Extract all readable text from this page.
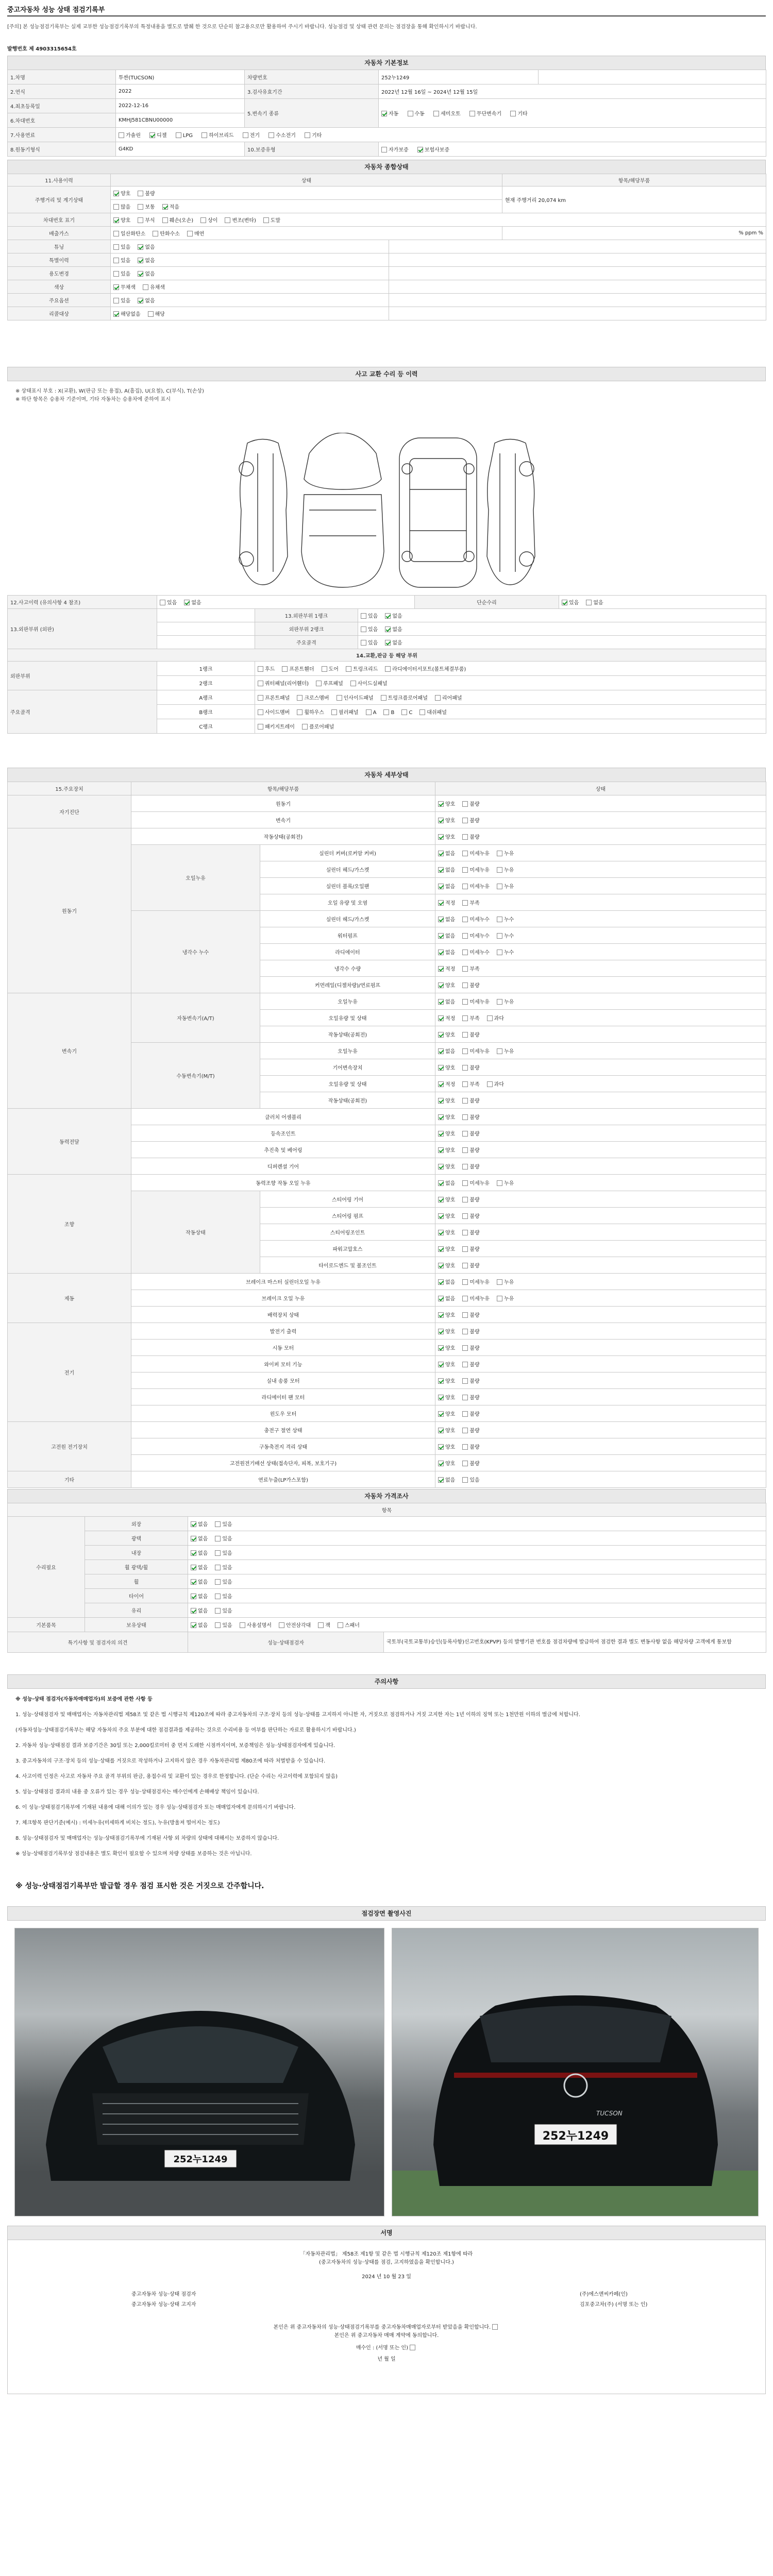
중고자동차 성능 상태 점검기록부
[주의] 본 성능점검기록부는 실제 교부한 성능점검기록부의 특정내용을 별도로 발췌 한 것으로 단순히 참고용으로만 활용하여 주시기 바랍니다. 성능점검 및 상태 관련 문의는 점검장을 통해 확인하시기 바랍니다.
발행번호 제 4903315654호
자동차 기본정보
1.차명	투싼(TUCSON)	차량번호	252누1249	
2.연식	2022	3.검사유효기간	2022년 12월 16일 ~ 2024년 12월 15일	
4.최초등록일	2022-12-16	5.변속기 종류	자동 수동 세미오토 무단변속기 기타	
6.차대번호	KMHJ581CBNU00000			
7.사용연료	가솔린 디젤 LPG 하이브리드 전기 수소전기 기타			
8.원동기형식	G4KD	10.보증유형	자가보증 보험사보증	
자동차 종합상태
11.사용이력	상태		항목/해당부품
주행거리 및 계기상태	양호 불량		현재 주행거리 20,074 km
	많음 보통 적음		
차대번호 표기	양호 부식 훼손(오손) 상이 변조(변타) 도말		
배출가스	일산화탄소 탄화수소 매연		% ppm %
튜닝	있음 없음		
특별이력	있음 없음		
용도변경	있음 없음		
색상	무채색 유채색		
주요옵션	있음 없음		
리콜대상	해당없음 해당		
사고 교환 수리 등 이력
※ 상태표시 부호 : X(교환), W(판금 또는 용접), A(흠집), U(요철), C(부식), T(손상)
※ 하단 항목은 승용차 기준이며, 기타 자동차는 승용차에 준하여 표시
12.사고이력 (유의사항 4 참조)	있음 없음			단순수리	있음 없음
13.외판부위 (외판)		13.외판부위 1랭크	있음 없음		
		외판부위 2랭크	있음 없음		
		주요골격	있음 없음		
14.교환,판금 등 해당 부위					
외판부위	1랭크	후드 프론트휀더 도어 트렁크리드 라디에이터서포트(볼트체결부품)			
	2랭크	쿼터패널(리어휀더) 루프패널 사이드실패널			
주요골격	A랭크	프론트패널 크로스멤버 인사이드패널 트렁크플로어패널 리어패널			
	B랭크	사이드멤버 휠하우스 필러패널 A B C 대쉬패널			
	C랭크	패키지트레이 플로어패널			
자동차 세부상태
15.주요장치	항목/해당부품		상태
자기진단	원동기		양호 불량
	변속기		양호 불량
원동기	작동상태(공회전)		양호 불량
	오일누유	실린더 커버(로커암 커버)	없음 미세누유 누유
		실린더 헤드/가스켓	없음 미세누유 누유
		실린더 블록/오일팬	없음 미세누유 누유
		오일 유량 및 오염	적정 부족
	냉각수 누수	실린더 헤드/가스켓	없음 미세누수 누수
		워터펌프	없음 미세누수 누수
		라디에이터	없음 미세누수 누수
		냉각수 수량	적정 부족
		커먼레일(디젤차량)/연료펌프	양호 불량
변속기	자동변속기(A/T)	오일누유	없음 미세누유 누유
		오일유량 및 상태	적정 부족 과다
		작동상태(공회전)	양호 불량
	수동변속기(M/T)	오일누유	없음 미세누유 누유
		기어변속장치	양호 불량
		오일유량 및 상태	적정 부족 과다
		작동상태(공회전)	양호 불량
동력전달	클러치 어셈블리		양호 불량
	등속조인트		양호 불량
	추진축 및 베어링		양호 불량
	디퍼렌셜 기어		양호 불량
조향	동력조향 작동 오일 누유		없음 미세누유 누유
	작동상태	스티어링 기어	양호 불량
		스티어링 펌프	양호 불량
		스티어링조인트	양호 불량
		파워고압호스	양호 불량
		타이로드엔드 및 볼조인트	양호 불량
제동	브레이크 마스터 실린더오일 누유		없음 미세누유 누유
	브레이크 오일 누유		없음 미세누유 누유
	배력장치 상태		양호 불량
전기	발전기 출력		양호 불량
	시동 모터		양호 불량
	와이퍼 모터 기능		양호 불량
	실내 송풍 모터		양호 불량
	라디에이터 팬 모터		양호 불량
	윈도우 모터		양호 불량
고전원 전기장치	충전구 절연 상태		양호 불량
	구동축전지 격리 상태		양호 불량
	고전원전기배선 상태(접속단자, 피복, 보호기구)		양호 불량
기타	연료누출(LP가스포함)		없음 있음
자동차 가격조사
항목			
수리필요	외장	없음 있음	
	광택	없음 있음	
	내장	없음 있음	
	휠 광택/휠	없음 있음	
	휠	없음 있음	
	타이어	없음 있음	
	유리	없음 있음	
기본품목	보유상태	없음 있음 사용설명서 안전삼각대 잭 스패너	
특기사항 및 점검자의 의견		성능·상태점검자	국토부(국토교통부)승인(등록사항)신고번호(KPVP) 등의 발행기관 번호를 점검차량에 발급하여 점검한 결과 별도 변동사항 없음 해당차량 고객에게 통보함
주의사항
※ 성능·상태 점검자(자동차매매업자)의 보증에 관한 사항 등
1. 성능·상태점검자 및 매매업자는 자동차관리법 제58조 및 같은 법 시행규칙 제120조에 따라 중고자동차의 구조·장치 등의 성능·상태를 고지하지 아니한 자, 거짓으로 점검하거나 거짓 고지한 자는 1년 이하의 징역 또는 1천만원 이하의 벌금에 처합니다.
(자동차성능·상태점검기록부는 해당 자동차의 주요 부분에 대한 점검결과를 제공하는 것으로 수리비용 등 여부를 판단하는 자료로 활용하시기 바랍니다.)
2. 자동차 성능·상태점검 결과 보증기간은 30일 또는 2,000킬로미터 중 먼저 도래한 시점까지이며, 보증책임은 성능·상태점검자에게 있습니다.
3. 중고자동차의 구조·장치 등의 성능·상태를 거짓으로 작성하거나 고지하지 않은 경우 자동차관리법 제80조에 따라 처벌받을 수 있습니다.
4. 사고이력 인정은 사고로 자동차 주요 골격 부위의 판금, 용접수리 및 교환이 있는 경우로 한정합니다. (단순 수리는 사고이력에 포함되지 않음)
5. 성능·상태점검 결과의 내용 중 오류가 있는 경우 성능·상태점검자는 매수인에게 손해배상 책임이 있습니다.
6. 이 성능·상태점검기록부에 기재된 내용에 대해 이의가 있는 경우 성능·상태점검자 또는 매매업자에게 문의하시기 바랍니다.
7. 체크항목 판단기준(예시) : 미세누유(미세하게 비치는 정도), 누유(방울져 떨어지는 정도)
8. 성능·상태점검자 및 매매업자는 성능·상태점검기록부에 기재된 사항 외 차량의 상태에 대해서는 보증하지 않습니다.
※ 성능·상태점검기록부상 점검내용은 별도 확인이 필요할 수 있으며 차량 상태를 보증하는 것은 아닙니다.
※ 성능·상태점검기록부만 발급할 경우 점검 표시한 것은 거짓으로 간주합니다.
점검장면 촬영사진
252누1249
TUCSON
252누1249
서명
「자동차관리법」 제58조 제1항 및 같은 법 시행규칙 제120조 제1항에 따라
(중고자동차의 성능·상태를 점검, 고지하였음을 확인합니다.)
2024 년 10 월 23 일
중고자동차 성능·상태 점검자
중고자동차 성능·상태 고지자
(주)에스앤씨카페(인)
김포중고차(주) (서명 또는 인)
본인은 위 중고자동차의 성능·상태점검기록부를 중고자동차매매업자로부터 받았음을 확인합니다.
본인은 위 중고자동차 매매 계약에 동의합니다.
매수인 : (서명 또는 인)
년 월 일
